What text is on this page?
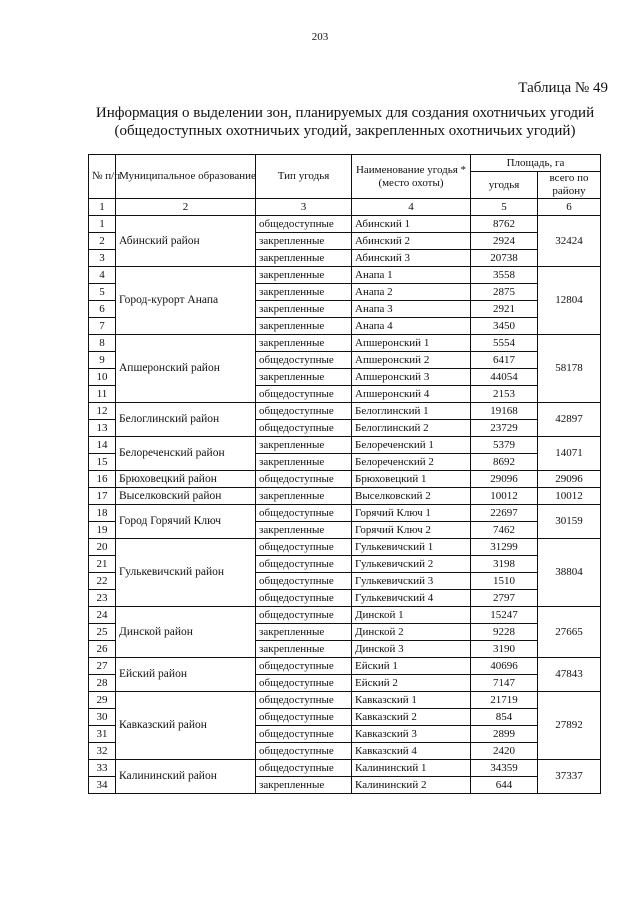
203
Таблица № 49
Информация о выделении зон, планируемых для создания охотничьих угодий
(общедоступных охотничьих угодий, закрепленных охотничьих угодий)
№ п/п	Муниципальное образование	Тип угодья	Наименование угодья * (место охоты)	Площадь, га	
				угодья	всего по району
1	2	3	4	5	6
1	Абинский район	общедоступные	Абинский 1	8762	32424
2		закрепленные	Абинский 2	2924	
3		закрепленные	Абинский 3	20738	
4	Город-курорт Анапа	закрепленные	Анапа 1	3558	12804
5		закрепленные	Анапа 2	2875	
6		закрепленные	Анапа 3	2921	
7		закрепленные	Анапа 4	3450	
8	Апшеронский район	закрепленные	Апшеронский 1	5554	58178
9		общедоступные	Апшеронский 2	6417	
10		закрепленные	Апшеронский 3	44054	
11		общедоступные	Апшеронский 4	2153	
12	Белоглинский район	общедоступные	Белоглинский 1	19168	42897
13		общедоступные	Белоглинский 2	23729	
14	Белореченский район	закрепленные	Белореченский 1	5379	14071
15		закрепленные	Белореченский 2	8692	
16	Брюховецкий район	общедоступные	Брюховецкий 1	29096	29096
17	Выселковский район	закрепленные	Выселковский 2	10012	10012
18	Город Горячий Ключ	общедоступные	Горячий Ключ 1	22697	30159
19		закрепленные	Горячий Ключ 2	7462	
20	Гулькевичский район	общедоступные	Гулькевичский 1	31299	38804
21		общедоступные	Гулькевичский 2	3198	
22		общедоступные	Гулькевичский 3	1510	
23		общедоступные	Гулькевичский 4	2797	
24	Динской район	общедоступные	Динской 1	15247	27665
25		закрепленные	Динской 2	9228	
26		закрепленные	Динской 3	3190	
27	Ейский район	общедоступные	Ейский 1	40696	47843
28		общедоступные	Ейский 2	7147	
29	Кавказский район	общедоступные	Кавказский 1	21719	27892
30		общедоступные	Кавказский 2	854	
31		общедоступные	Кавказский 3	2899	
32		общедоступные	Кавказский 4	2420	
33	Калининский район	общедоступные	Калининский 1	34359	37337
34		закрепленные	Калининский 2	644	
